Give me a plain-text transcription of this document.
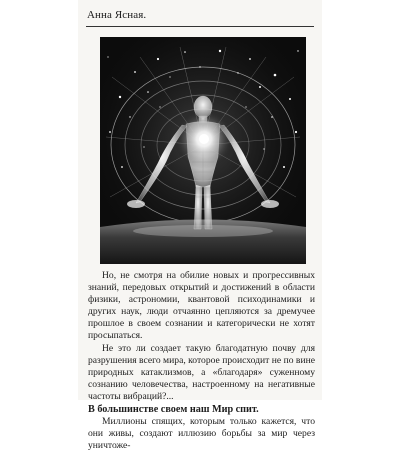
Анна Ясная.

Но, не смотря на обилие новых и прогрессивных знаний, передовых открытий и достижений в области физики, астрономии, квантовой психодинамики и других наук, люди отчаянно цепляются за дремучее прошлое в своем сознании и категорически не хотят просыпаться.

Не это ли создает такую благодатную почву для разрушения всего мира, которое происходит не по вине природных катаклизмов, а «благодаря» суженному сознанию человечества, настроенному на негативные частоты вибраций?...

В большинстве своем наш Мир спит.

Миллионы спящих, которым только кажется, что они живы, создают иллюзию борьбы за мир через уничтоже-
